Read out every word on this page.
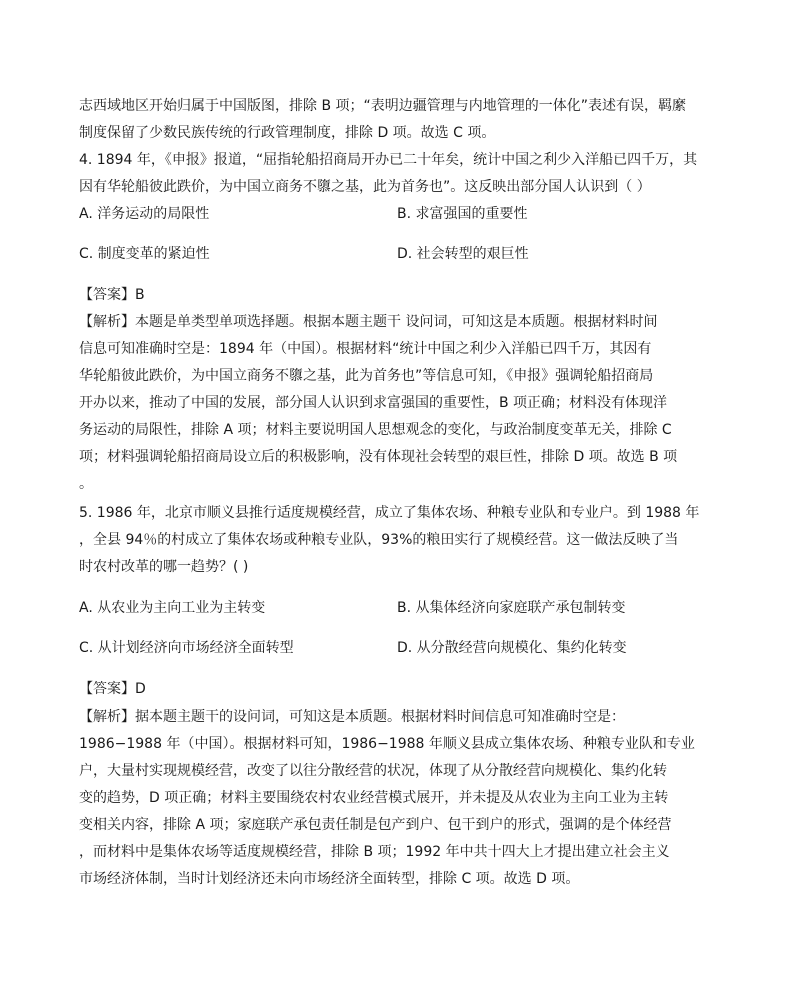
志西域地区开始归属于中国版图，排除 B 项；“表明边疆管理与内地管理的一体化”表述有误，羁縻
制度保留了少数民族传统的行政管理制度，排除 D 项。故选 C 项。
4. 1894 年，《申报》报道，“屈指轮船招商局开办已二十年矣，统计中国之利少入洋船已四千万，其
因有华轮船彼此跌价，为中国立商务不隳之基，此为首务也”。这反映出部分国人认识到（ ）
A. 洋务运动的局限性	B. 求富强国的重要性
C. 制度变革的紧迫性	D. 社会转型的艰巨性
【答案】B
【解析】本题是单类型单项选择题。根据本题主题干 设问词，可知这是本质题。根据材料时间
信息可知准确时空是：1894 年（中国）。根据材料“统计中国之利少入洋船已四千万，其因有
华轮船彼此跌价，为中国立商务不隳之基，此为首务也”等信息可知，《申报》强调轮船招商局
开办以来，推动了中国的发展，部分国人认识到求富强国的重要性，B 项正确；材料没有体现洋
务运动的局限性，排除 A 项；材料主要说明国人思想观念的变化，与政治制度变革无关，排除 C
项；材料强调轮船招商局设立后的积极影响，没有体现社会转型的艰巨性，排除 D 项。故选 B 项
。
5. 1986 年，北京市顺义县推行适度规模经营，成立了集体农场、种粮专业队和专业户。到 1988 年
，全县 94％的村成立了集体农场或种粮专业队，93%的粮田实行了规模经营。这一做法反映了当
时农村改革的哪一趋势？( )
A. 从农业为主向工业为主转变	B. 从集体经济向家庭联产承包制转变
C. 从计划经济向市场经济全面转型	D. 从分散经营向规模化、集约化转变
【答案】D
【解析】据本题主题干的设问词，可知这是本质题。根据材料时间信息可知准确时空是：
1986−1988 年（中国）。根据材料可知，1986−1988 年顺义县成立集体农场、种粮专业队和专业
户，大量村实现规模经营，改变了以往分散经营的状况，体现了从分散经营向规模化、集约化转
变的趋势，D 项正确；材料主要围绕农村农业经营模式展开，并未提及从农业为主向工业为主转
变相关内容，排除 A 项；家庭联产承包责任制是包产到户、包干到户的形式，强调的是个体经营
，而材料中是集体农场等适度规模经营，排除 B 项；1992 年中共十四大上才提出建立社会主义
市场经济体制，当时计划经济还未向市场经济全面转型，排除 C 项。故选 D 项。
